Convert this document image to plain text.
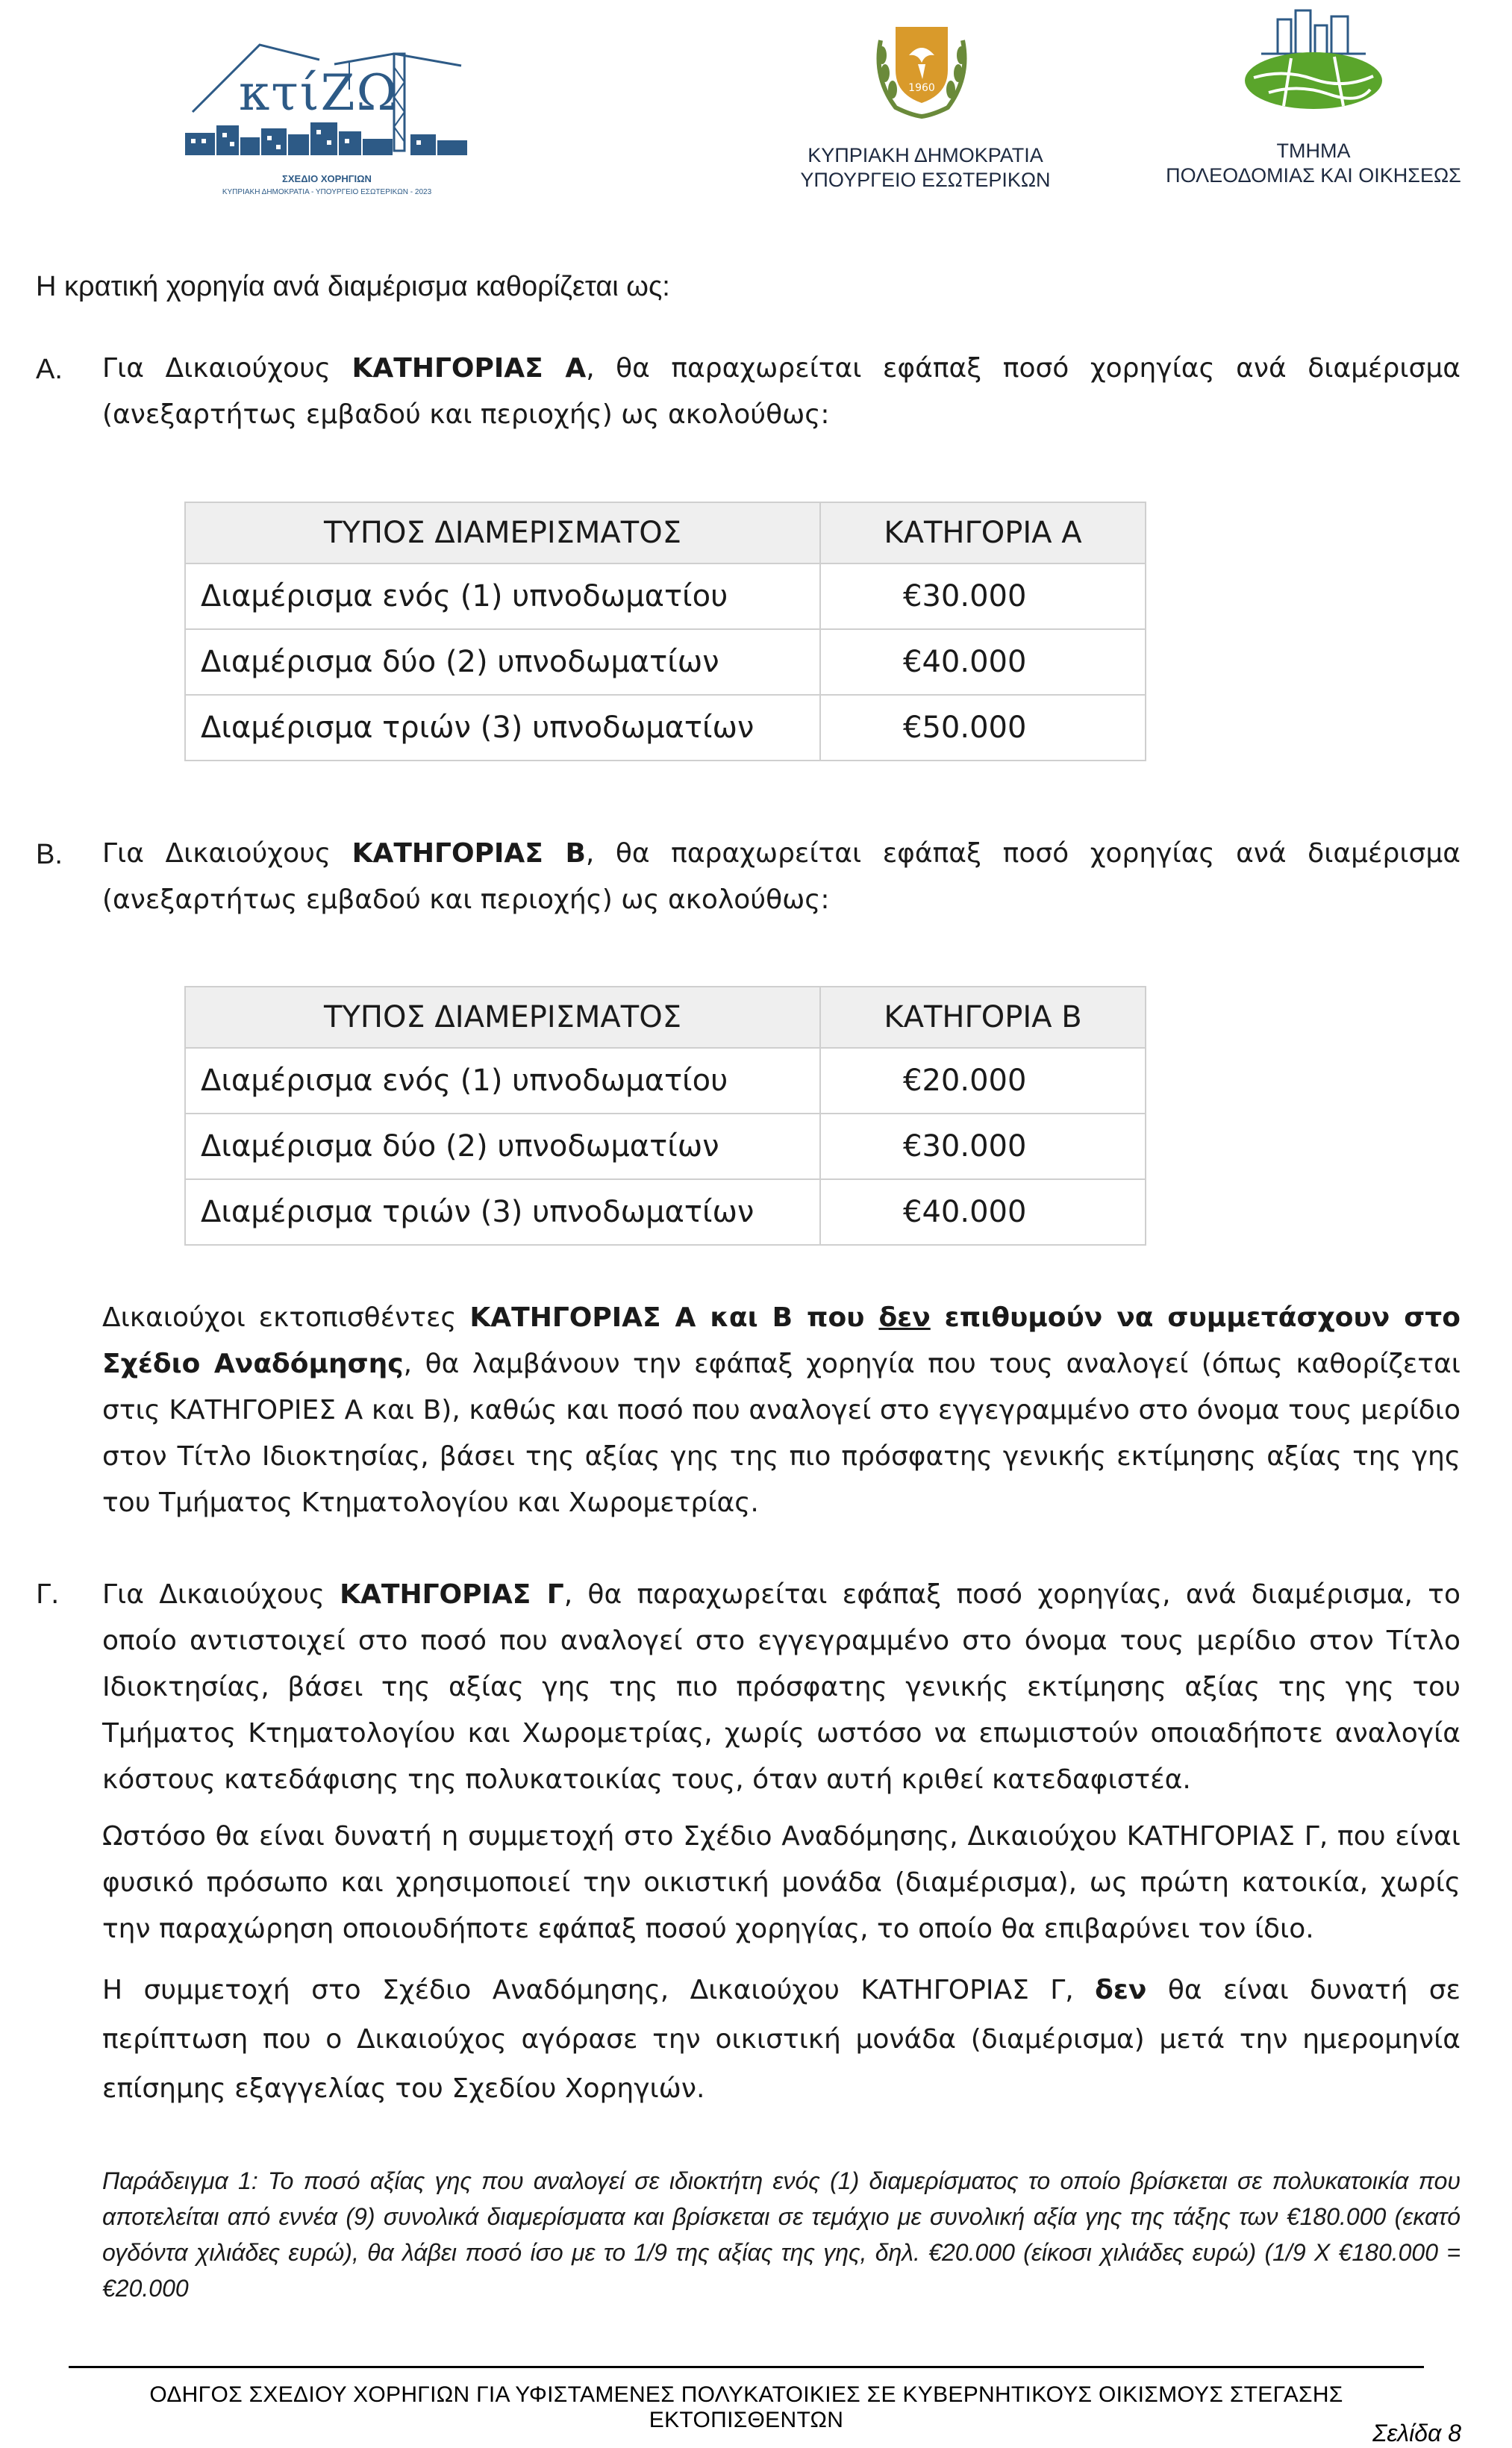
κτίΖΩ
ΣΧΕΔΙΟ ΧΟΡΗΓΙΩΝ
ΚΥΠΡΙΑΚΗ ΔΗΜΟΚΡΑΤΙΑ - ΥΠΟΥΡΓΕΙΟ ΕΣΩΤΕΡΙΚΩΝ - 2023
1960
ΚΥΠΡΙΑΚΗ ΔΗΜΟΚΡΑΤΙΑ
ΥΠΟΥΡΓΕΙΟ ΕΣΩΤΕΡΙΚΩΝ
ΤΜΗΜΑ
ΠΟΛΕΟΔΟΜΙΑΣ ΚΑΙ ΟΙΚΗΣΕΩΣ
Η κρατική χορηγία ανά διαμέρισμα καθορίζεται ως:
Α. Για Δικαιούχους ΚΑΤΗΓΟΡΙΑΣ Α, θα παραχωρείται εφάπαξ ποσό χορηγίας ανά διαμέρισμα (ανεξαρτήτως εμβαδού και περιοχής) ως ακολούθως:
ΤΥΠΟΣ ΔΙΑΜΕΡΙΣΜΑΤΟΣ	ΚΑΤΗΓΟΡΙΑ Α
Διαμέρισμα ενός (1) υπνοδωματίου	€30.000
Διαμέρισμα δύο (2) υπνοδωματίων	€40.000
Διαμέρισμα τριών (3) υπνοδωματίων	€50.000
Β. Για Δικαιούχους ΚΑΤΗΓΟΡΙΑΣ Β, θα παραχωρείται εφάπαξ ποσό χορηγίας ανά διαμέρισμα (ανεξαρτήτως εμβαδού και περιοχής) ως ακολούθως:
ΤΥΠΟΣ ΔΙΑΜΕΡΙΣΜΑΤΟΣ	ΚΑΤΗΓΟΡΙΑ Β
Διαμέρισμα ενός (1) υπνοδωματίου	€20.000
Διαμέρισμα δύο (2) υπνοδωματίων	€30.000
Διαμέρισμα τριών (3) υπνοδωματίων	€40.000
Δικαιούχοι εκτοπισθέντες ΚΑΤΗΓΟΡΙΑΣ Α και Β που δεν επιθυμούν να συμμετάσχουν στο Σχέδιο Αναδόμησης, θα λαμβάνουν την εφάπαξ χορηγία που τους αναλογεί (όπως καθορίζεται στις ΚΑΤΗΓΟΡΙΕΣ Α και Β), καθώς και ποσό που αναλογεί στο εγγεγραμμένο στο όνομα τους μερίδιο στον Τίτλο Ιδιοκτησίας, βάσει της αξίας γης της πιο πρόσφατης γενικής εκτίμησης αξίας της γης του Τμήματος Κτηματολογίου και Χωρομετρίας.
Γ. Για Δικαιούχους ΚΑΤΗΓΟΡΙΑΣ Γ, θα παραχωρείται εφάπαξ ποσό χορηγίας, ανά διαμέρισμα, το οποίο αντιστοιχεί στο ποσό που αναλογεί στο εγγεγραμμένο στο όνομα τους μερίδιο στον Τίτλο Ιδιοκτησίας, βάσει της αξίας γης της πιο πρόσφατης γενικής εκτίμησης αξίας της γης του Τμήματος Κτηματολογίου και Χωρομετρίας, χωρίς ωστόσο να επωμιστούν οποιαδήποτε αναλογία κόστους κατεδάφισης της πολυκατοικίας τους, όταν αυτή κριθεί κατεδαφιστέα.
Ωστόσο θα είναι δυνατή η συμμετοχή στο Σχέδιο Αναδόμησης, Δικαιούχου ΚΑΤΗΓΟΡΙΑΣ Γ, που είναι φυσικό πρόσωπο και χρησιμοποιεί την οικιστική μονάδα (διαμέρισμα), ως πρώτη κατοικία, χωρίς την παραχώρηση οποιουδήποτε εφάπαξ ποσού χορηγίας, το οποίο θα επιβαρύνει τον ίδιο.
Η συμμετοχή στο Σχέδιο Αναδόμησης, Δικαιούχου ΚΑΤΗΓΟΡΙΑΣ Γ, δεν θα είναι δυνατή σε περίπτωση που ο Δικαιούχος αγόρασε την οικιστική μονάδα (διαμέρισμα) μετά την ημερομηνία επίσημης εξαγγελίας του Σχεδίου Χορηγιών.
Παράδειγμα 1: Το ποσό αξίας γης που αναλογεί σε ιδιοκτήτη ενός (1) διαμερίσματος το οποίο βρίσκεται σε πολυκατοικία που αποτελείται από εννέα (9) συνολικά διαμερίσματα και βρίσκεται σε τεμάχιο με συνολική αξία γης της τάξης των €180.000 (εκατό ογδόντα χιλιάδες ευρώ), θα λάβει ποσό ίσο με το 1/9 της αξίας της γης, δηλ. €20.000 (είκοσι χιλιάδες ευρώ) (1/9 Χ €180.000 = €20.000
ΟΔΗΓΟΣ ΣΧΕΔΙΟΥ ΧΟΡΗΓΙΩΝ ΓΙΑ ΥΦΙΣΤΑΜΕΝΕΣ ΠΟΛΥΚΑΤΟΙΚΙΕΣ ΣΕ ΚΥΒΕΡΝΗΤΙΚΟΥΣ ΟΙΚΙΣΜΟΥΣ ΣΤΕΓΑΣΗΣ ΕΚΤΟΠΙΣΘΕΝΤΩΝ	Σελίδα 8
